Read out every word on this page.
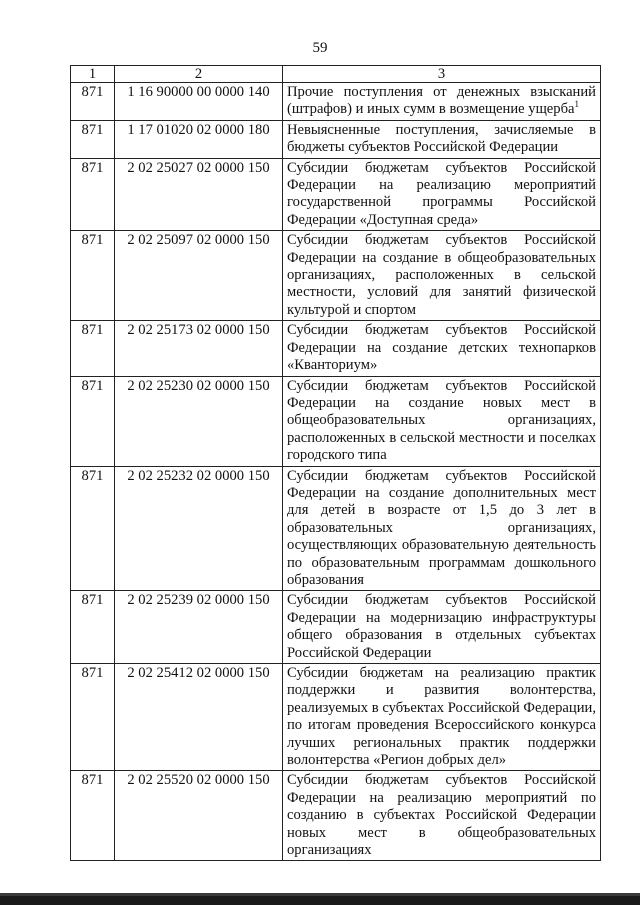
59
1	2	3
871	1 16 90000 00 0000 140	Прочие поступления от денежных взысканий (штрафов) и иных сумм в возмещение ущерба$^1$
871	1 17 01020 02 0000 180	Невыясненные поступления, зачисляемые в бюджеты субъектов Российской Федерации
871	2 02 25027 02 0000 150	Субсидии бюджетам субъектов Российской Федерации на реализацию мероприятий государственной программы Российской Федерации «Доступная среда»
871	2 02 25097 02 0000 150	Субсидии бюджетам субъектов Российской Федерации на создание в общеобразовательных организациях, расположенных в сельской местности, условий для занятий физической культурой и спортом
871	2 02 25173 02 0000 150	Субсидии бюджетам субъектов Российской Федерации на создание детских технопарков «Кванториум»
871	2 02 25230 02 0000 150	Субсидии бюджетам субъектов Российской Федерации на создание новых мест в общеобразовательных организациях, расположенных в сельской местности и поселках городского типа
871	2 02 25232 02 0000 150	Субсидии бюджетам субъектов Российской Федерации на создание дополнительных мест для детей в возрасте от 1,5 до 3 лет в образовательных организациях, осуществляющих образовательную деятельность по образовательным программам дошкольного образования
871	2 02 25239 02 0000 150	Субсидии бюджетам субъектов Российской Федерации на модернизацию инфраструктуры общего образования в отдельных субъектах Российской Федерации
871	2 02 25412 02 0000 150	Субсидии бюджетам на реализацию практик поддержки и развития волонтерства, реализуемых в субъектах Российской Федерации, по итогам проведения Всероссийского конкурса лучших региональных практик поддержки волонтерства «Регион добрых дел»
871	2 02 25520 02 0000 150	Субсидии бюджетам субъектов Российской Федерации на реализацию мероприятий по созданию в субъектах Российской Федерации новых мест в общеобразовательных организациях
